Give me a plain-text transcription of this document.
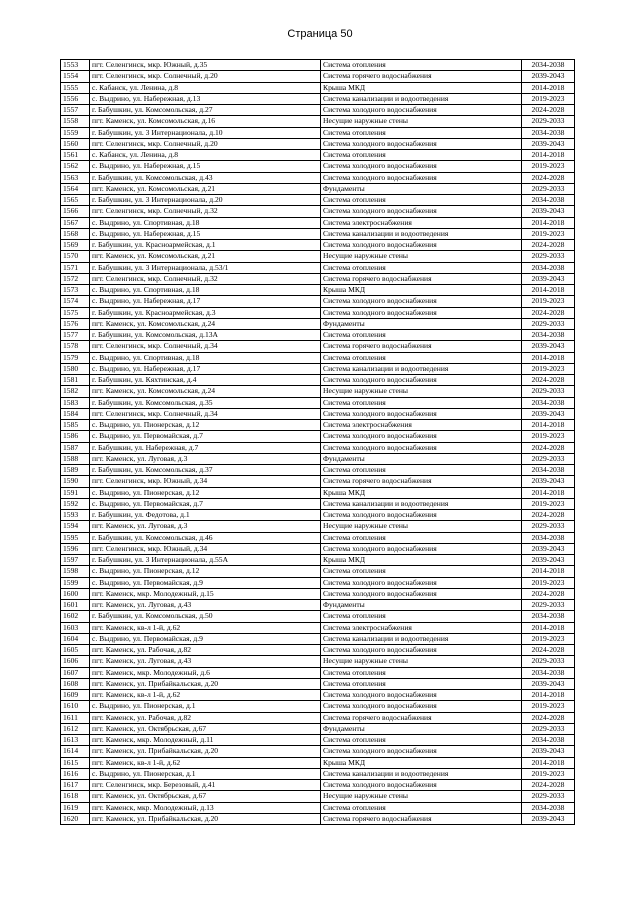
Страница 50
1553	пгт. Селенгинск, мкр. Южный, д.35	Система отопления	2034-2038
1554	пгт. Селенгинск, мкр. Солнечный, д.20	Система горячего водоснабжения	2039-2043
1555	с. Кабанск, ул. Ленина, д.8	Крыша МКД	2014-2018
1556	с. Выдрино, ул. Набережная, д.13	Система канализации и водоотведения	2019-2023
1557	г. Бабушкин, ул. Комсомольская, д.27	Система холодного водоснабжения	2024-2028
1558	пгт. Каменск, ул. Комсомольская, д.16	Несущие наружные стены	2029-2033
1559	г. Бабушкин, ул. 3 Интернационала, д.10	Система отопления	2034-2038
1560	пгт. Селенгинск, мкр. Солнечный, д.20	Система холодного водоснабжения	2039-2043
1561	с. Кабанск, ул. Ленина, д.8	Система отопления	2014-2018
1562	с. Выдрино, ул. Набережная, д.15	Система холодного водоснабжения	2019-2023
1563	г. Бабушкин, ул. Комсомольская, д.43	Система холодного водоснабжения	2024-2028
1564	пгт. Каменск, ул. Комсомольская, д.21	Фундаменты	2029-2033
1565	г. Бабушкин, ул. 3 Интернационала, д.20	Система отопления	2034-2038
1566	пгт. Селенгинск, мкр. Солнечный, д.32	Система холодного водоснабжения	2039-2043
1567	с. Выдрино, ул. Спортивная, д.18	Система электроснабжения	2014-2018
1568	с. Выдрино, ул. Набережная, д.15	Система канализации и водоотведения	2019-2023
1569	г. Бабушкин, ул. Красноармейская, д.1	Система холодного водоснабжения	2024-2028
1570	пгт. Каменск, ул. Комсомольская, д.21	Несущие наружные стены	2029-2033
1571	г. Бабушкин, ул. 3 Интернационала, д.53/1	Система отопления	2034-2038
1572	пгт. Селенгинск, мкр. Солнечный, д.32	Система горячего водоснабжения	2039-2043
1573	с. Выдрино, ул. Спортивная, д.18	Крыша МКД	2014-2018
1574	с. Выдрино, ул. Набережная, д.17	Система холодного водоснабжения	2019-2023
1575	г. Бабушкин, ул. Красноармейская, д.3	Система холодного водоснабжения	2024-2028
1576	пгт. Каменск, ул. Комсомольская, д.24	Фундаменты	2029-2033
1577	г. Бабушкин, ул. Комсомольская, д.13А	Система отопления	2034-2038
1578	пгт. Селенгинск, мкр. Солнечный, д.34	Система горячего водоснабжения	2039-2043
1579	с. Выдрино, ул. Спортивная, д.18	Система отопления	2014-2018
1580	с. Выдрино, ул. Набережная, д.17	Система канализации и водоотведения	2019-2023
1581	г. Бабушкин, ул. Кяхтинская, д.4	Система холодного водоснабжения	2024-2028
1582	пгт. Каменск, ул. Комсомольская, д.24	Несущие наружные стены	2029-2033
1583	г. Бабушкин, ул. Комсомольская, д.35	Система отопления	2034-2038
1584	пгт. Селенгинск, мкр. Солнечный, д.34	Система холодного водоснабжения	2039-2043
1585	с. Выдрино, ул. Пионерская, д.12	Система электроснабжения	2014-2018
1586	с. Выдрино, ул. Первомайская, д.7	Система холодного водоснабжения	2019-2023
1587	г. Бабушкин, ул. Набережная, д.7	Система холодного водоснабжения	2024-2028
1588	пгт. Каменск, ул. Луговая, д.3	Фундаменты	2029-2033
1589	г. Бабушкин, ул. Комсомольская, д.37	Система отопления	2034-2038
1590	пгт. Селенгинск, мкр. Южный, д.34	Система горячего водоснабжения	2039-2043
1591	с. Выдрино, ул. Пионерская, д.12	Крыша МКД	2014-2018
1592	с. Выдрино, ул. Первомайская, д.7	Система канализации и водоотведения	2019-2023
1593	г. Бабушкин, ул. Федотова, д.1	Система холодного водоснабжения	2024-2028
1594	пгт. Каменск, ул. Луговая, д.3	Несущие наружные стены	2029-2033
1595	г. Бабушкин, ул. Комсомольская, д.46	Система отопления	2034-2038
1596	пгт. Селенгинск, мкр. Южный, д.34	Система холодного водоснабжения	2039-2043
1597	г. Бабушкин, ул. 3 Интернационала, д.55А	Крыша МКД	2039-2043
1598	с. Выдрино, ул. Пионерская, д.12	Система отопления	2014-2018
1599	с. Выдрино, ул. Первомайская, д.9	Система холодного водоснабжения	2019-2023
1600	пгт. Каменск, мкр. Молодежный, д.15	Система холодного водоснабжения	2024-2028
1601	пгт. Каменск, ул. Луговая, д.43	Фундаменты	2029-2033
1602	г. Бабушкин, ул. Комсомольская, д.50	Система отопления	2034-2038
1603	пгт. Каменск, кв-л 1-й, д.62	Система электроснабжения	2014-2018
1604	с. Выдрино, ул. Первомайская, д.9	Система канализации и водоотведения	2019-2023
1605	пгт. Каменск, ул. Рабочая, д.82	Система холодного водоснабжения	2024-2028
1606	пгт. Каменск, ул. Луговая, д.43	Несущие наружные стены	2029-2033
1607	пгт. Каменск, мкр. Молодежный, д.6	Система отопления	2034-2038
1608	пгт. Каменск, ул. Прибайкальская, д.20	Система отопления	2039-2043
1609	пгт. Каменск, кв-л 1-й, д.62	Система холодного водоснабжения	2014-2018
1610	с. Выдрино, ул. Пионерская, д.1	Система холодного водоснабжения	2019-2023
1611	пгт. Каменск, ул. Рабочая, д.82	Система горячего водоснабжения	2024-2028
1612	пгт. Каменск, ул. Октябрьская, д.67	Фундаменты	2029-2033
1613	пгт. Каменск, мкр. Молодежный, д.11	Система отопления	2034-2038
1614	пгт. Каменск, ул. Прибайкальская, д.20	Система холодного водоснабжения	2039-2043
1615	пгт. Каменск, кв-л 1-й, д.62	Крыша МКД	2014-2018
1616	с. Выдрино, ул. Пионерская, д.1	Система канализации и водоотведения	2019-2023
1617	пгт. Селенгинск, мкр. Березовый, д.41	Система холодного водоснабжения	2024-2028
1618	пгт. Каменск, ул. Октябрьская, д.67	Несущие наружные стены	2029-2033
1619	пгт. Каменск, мкр. Молодежный, д.13	Система отопления	2034-2038
1620	пгт. Каменск, ул. Прибайкальская, д.20	Система горячего водоснабжения	2039-2043
